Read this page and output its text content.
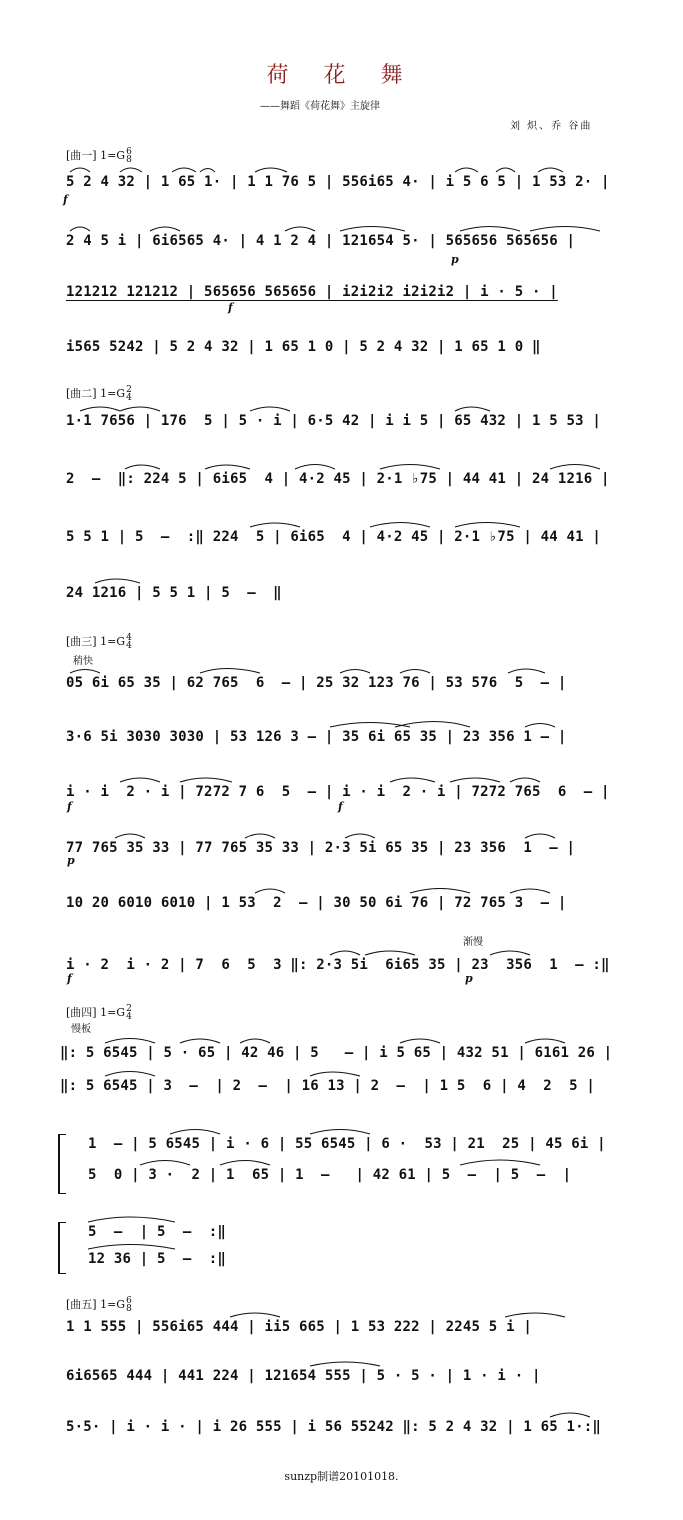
荷 花 舞
——舞蹈《荷花舞》主旋律
刘 炽、乔 谷曲
[曲一] 1=G6
8
5 2 4 32 | 1 65 1· | 1 1 76 5 | 556i65 4· | i 5 6 5 | 1 53 2· |
f
2 4 5 i | 6i6565 4· | 4 1 2 4 | 121654 5· | 565656 565656 |
p
121212 121212 | 565656 565656 | i2i2i2 i2i2i2 | i · 5 · |
f
i565 5242 | 5 2 4 32 | 1 65 1 0 | 5 2 4 32 | 1 65 1 0 ‖
[曲二] 1=G2
4
1·1 7656 | 176  5 | 5 · i | 6·5 42 | i i 5 | 65 432 | 1 5 53 |
2  –  ‖: 224 5 | 6i65  4 | 4·2 45 | 2·1 ♭75 | 44 41 | 24 1216 |
5 5 1 | 5  –  :‖ 224  5 | 6i65  4 | 4·2 45 | 2·1 ♭75 | 44 41 |
24 1216 | 5 5 1 | 5  –  ‖
[曲三] 1=G4
4
稍快
05 6i 65 35 | 62 765  6  – | 25 32 123 76 | 53 576  5  – |
3·6 5i 3030 3030 | 53 126 3 – | 35 6i 65 35 | 23 356 1 – |
i · i  2 · i | 7272 7 6  5  – | i · i  2 · i | 7272 765  6  – |
f	f
77 765 35 33 | 77 765 35 33 | 2·3 5i 65 35 | 23 356  1  – |
p
10 20 6010 6010 | 1 53  2  – | 30 50 6i 76 | 72 765 3  – |
渐慢
i · 2  i · 2 | 7  6  5  3 ‖: 2·3 5i  6i65 35 | 23  356  1  – :‖
f	p
[曲四] 1=G2
4
慢板
‖: 5 6545 | 5 · 65 | 42 46 | 5   – | i 5 65 | 432 51 | 6161 26 |
‖: 5 6545 | 3  –  | 2  –  | 16 13 | 2  –  | 1 5  6 | 4  2  5 |
1  – | 5 6545 | i · 6 | 55 6545 | 6 ·  53 | 21  25 | 45 6i |
5  0 | 3 ·  2 | 1  65 | 1  –   | 42 61 | 5  –  | 5  –  |
5  –  | 5  –  :‖
12 36 | 5  –  :‖
[曲五] 1=G6
8
1 1 555 | 556i65 444 | ii5 665 | 1 53 222 | 2245 5 i |
6i6565 444 | 441 224 | 121654 555 | 5 · 5 · | 1 · i · |
5·5· | i · i · | i 26 555 | i 56 55242 ‖: 5 2 4 32 | 1 65 1·:‖
sunzp制谱20101018.
